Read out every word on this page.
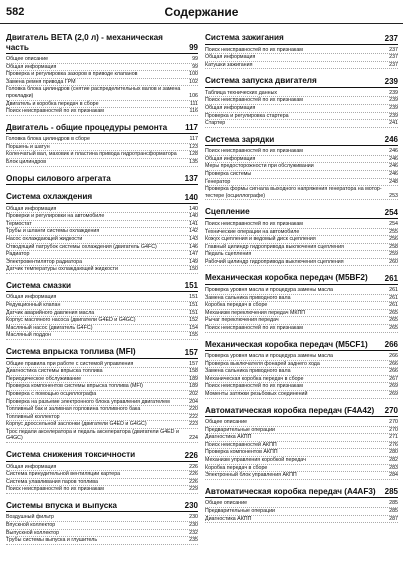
582	Содержание
Двигатель BETA (2,0 л) - механическая часть	99
Общее описание	99
Общая информация	99
Проверка и регулировка зазоров в приводе клапанов	100
Замена ремня привода ГРМ	102
Головка блока цилиндров (снятие распределительных валов и замена прокладки)	106
Двигатель и коробка передач в сборе	111
Поиск неисправностей по их признакам	116
Двигатель - общие процедуры ремонта 117
Головка блока цилиндров в сборе	117
Поршень и шатун	123
Коленчатый вал, маховик и пластина привода гидротрансформатора	128
Блок цилиндров	135
Опоры силового агрегата	137
Система охлаждения	140
Общая информация	140
Проверки и регулировки на автомобиле	140
Термостат	141
Трубы и шланги системы охлаждения	142
Насос охлаждающей жидкости	143
Отводящий патрубок системы охлаждения (двигатель G4FC)	146
Радиатор	147
Электровентилятор радиатора	149
Датчик температуры охлаждающей жидкости	150
Система смазки	151
Общая информация	151
Редукционный клапан	151
Датчик аварийного давления масла	151
Корпус масляного насоса (двигатели G4ED и G4GC)	152
Масляный насос (двигатель G4FC)	154
Масляный поддон	155
Система впрыска топлива (MFI)	157
Общие правила при работе с системой управления	157
Диагностика системы впрыска топлива	158
Периодическое обслуживание	189
Проверка компонентов системы впрыска топлива (MFI)	189
Проверка с помощью осциллографа	202
Проверка на разъеме электронного блока управления двигателем	204
Топливный бак и заливная горловина топливного бака	220
Топливный коллектор	222
Корпус дроссельной заслонки (двигатели G4ED и G4GC)	223
Трос педали акселератора и педаль акселератора (двигатели G4ED и G4GC)	224
Система снижения токсичности	226
Общая информация	226
Система принудительной вентиляции картера	226
Система улавливания паров топлива	226
Поиск неисправностей по их признакам	229
Системы впуска и выпуска	230
Воздушный фильтр	230
Впускной коллектор	230
Выпускной коллектор	232
Трубы системы выпуска и глушитель	235
Система зажигания	237
Поиск неисправностей по их признакам	237
Общая информация	237
Катушки зажигания	237
Система запуска двигателя	239
Таблица технических данных	239
Поиск неисправностей по их признакам	239
Общая информация	239
Проверка и регулировка стартера	239
Стартер	241
Система зарядки	246
Поиск неисправностей по их признакам	246
Общая информация	246
Меры предосторожности при обслуживании	246
Проверка системы	246
Генератор	248
Проверка формы сигнала выходного напряжения генератора на мотор-тестере (осциллографе)	253
Сцепление	254
Поиск неисправностей по их признакам	254
Технические операции на автомобиле	255
Кожух сцепления и ведомый диск сцепления	256
Главный цилиндр гидропривода выключения сцепления	258
Педаль сцепления	259
Рабочий цилиндр гидропривода выключения сцепления	260
Механическая коробка передач (M5BF2) 261
Проверка уровня масла и процедура замены масла	261
Замена сальника приводного вала	261
Коробка передач в сборе	261
Механизм переключения передач МКПП	265
Рычаг переключения передач	265
Поиск неисправностей по их признакам	265
Механическая коробка передач (M5CF1) 266
Проверка уровня масла и процедура замены масла	266
Проверка выключателя фонарей заднего хода	266
Замена сальника приводного вала	266
Механическая коробка передач в сборе	267
Поиск неисправностей по их признакам	269
Моменты затяжки резьбовых соединений	269
Автоматическая коробка передач (F4A42) 270
Общее описание	270
Предварительные операции	270
Диагностика АКПП	271
Поиск неисправностей АКПП	276
Проверка компонентов АКПП	280
Механизм управления коробкой передач	282
Коробка передач в сборе	283
Электронный блок управления АКПП	284
Автоматическая коробка передач (A4AF3) 285
Общее описание	285
Предварительные операции	285
Диагностика АКПП	287
